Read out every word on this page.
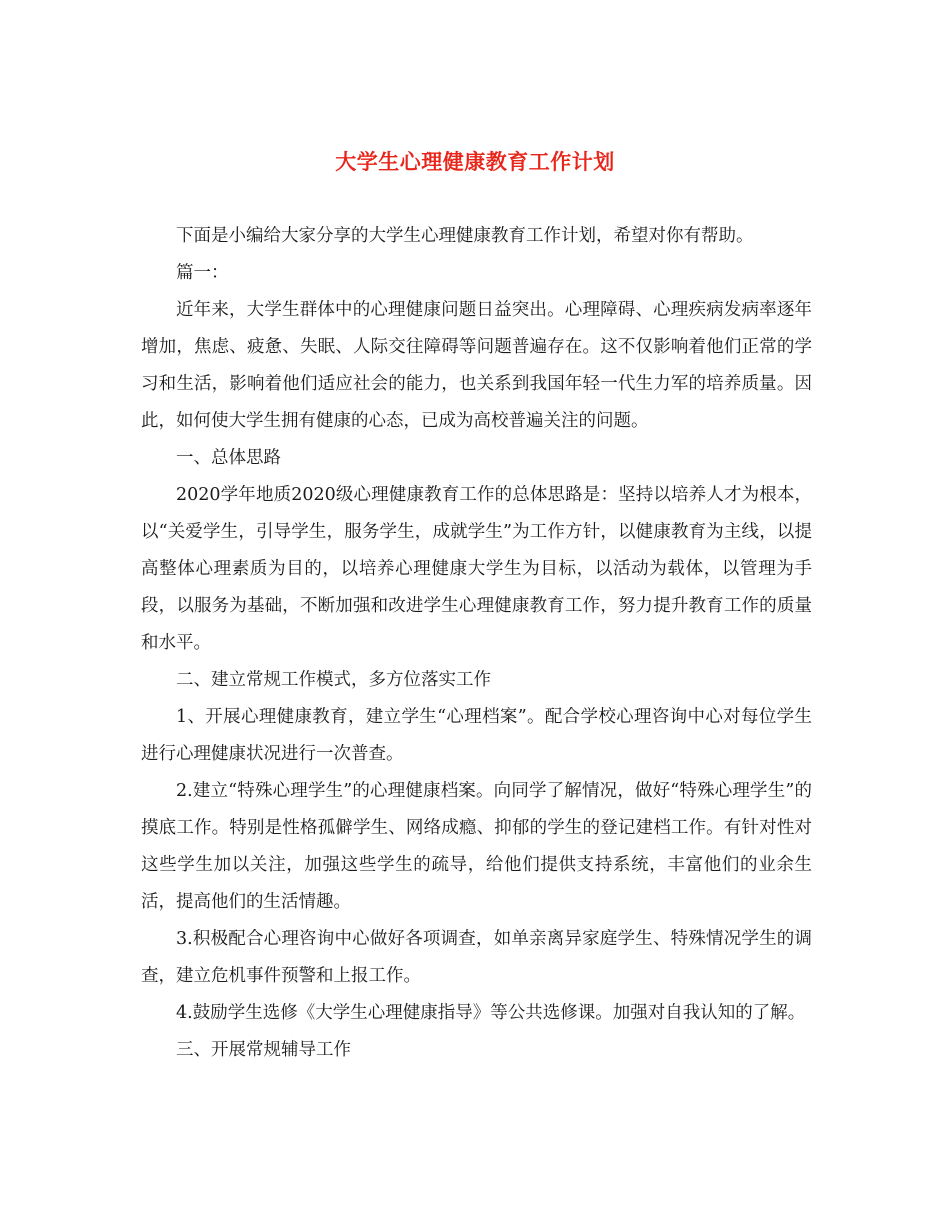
大学生心理健康教育工作计划

下面是小编给大家分享的大学生心理健康教育工作计划，希望对你有帮助。

篇一：

近年来，大学生群体中的心理健康问题日益突出。心理障碍、心理疾病发病率逐年增加，焦虑、疲惫、失眠、人际交往障碍等问题普遍存在。这不仅影响着他们正常的学习和生活，影响着他们适应社会的能力，也关系到我国年轻一代生力军的培养质量。因此，如何使大学生拥有健康的心态，已成为高校普遍关注的问题。

一、总体思路

2020学年地质2020级心理健康教育工作的总体思路是：坚持以培养人才为根本，以“关爱学生，引导学生，服务学生，成就学生”为工作方针，以健康教育为主线，以提高整体心理素质为目的，以培养心理健康大学生为目标，以活动为载体，以管理为手段，以服务为基础，不断加强和改进学生心理健康教育工作，努力提升教育工作的质量和水平。

二、建立常规工作模式，多方位落实工作

1、开展心理健康教育，建立学生“心理档案”。配合学校心理咨询中心对每位学生进行心理健康状况进行一次普查。

2.建立“特殊心理学生”的心理健康档案。向同学了解情况，做好“特殊心理学生”的摸底工作。特别是性格孤僻学生、网络成瘾、抑郁的学生的登记建档工作。有针对性对这些学生加以关注，加强这些学生的疏导，给他们提供支持系统，丰富他们的业余生活，提高他们的生活情趣。

3.积极配合心理咨询中心做好各项调查，如单亲离异家庭学生、特殊情况学生的调查，建立危机事件预警和上报工作。

4.鼓励学生选修《大学生心理健康指导》等公共选修课。加强对自我认知的了解。

三、开展常规辅导工作
